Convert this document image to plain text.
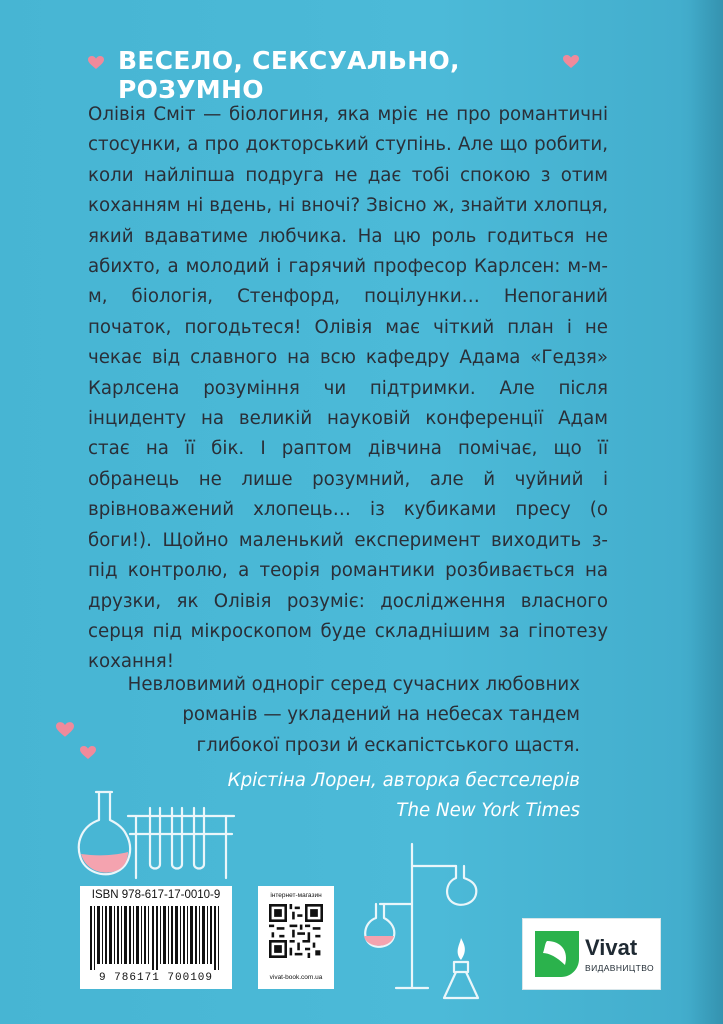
ВЕСЕЛО, СЕКСУАЛЬНО, РОЗУМНО

Олівія Сміт — біологиня, яка мріє не про романтичні стосунки, а про докторський ступінь. Але що робити, коли найліпша подруга не дає тобі спокою з отим коханням ні вдень, ні вночі? Звісно ж, знайти хлопця, який вдаватиме любчика. На цю роль годиться не абихто, а молодий і гарячий професор Карлсен: м-м-м, біологія, Стенфорд, поцілунки… Непоганий початок, погодьтеся! Олівія має чіткий план і не чекає від славного на всю кафедру Адама «Гедзя» Карлсена розуміння чи підтримки. Але після інциденту на великій науковій конференції Адам стає на її бік. І раптом дівчина помічає, що її обранець не лише розумний, але й чуйний і врівноважений хлопець… із кубиками пресу (о боги!). Щойно маленький експеримент виходить з-під контролю, а теорія романтики розбивається на друзки, як Олівія розуміє: дослідження власного серця під мікроскопом буде складнішим за гіпотезу кохання!

Невловимий одноріг серед сучасних любовних романів — укладений на небесах тандем глибокої прози й ескапістського щастя.

Крістіна Лорен, авторка бестселерів
The New York Times
ISBN 978-617-17-0010-9
9 786171 700109
інтернет-магазин
vivat-book.com.ua
Vivat
ВИДАВНИЦТВО
